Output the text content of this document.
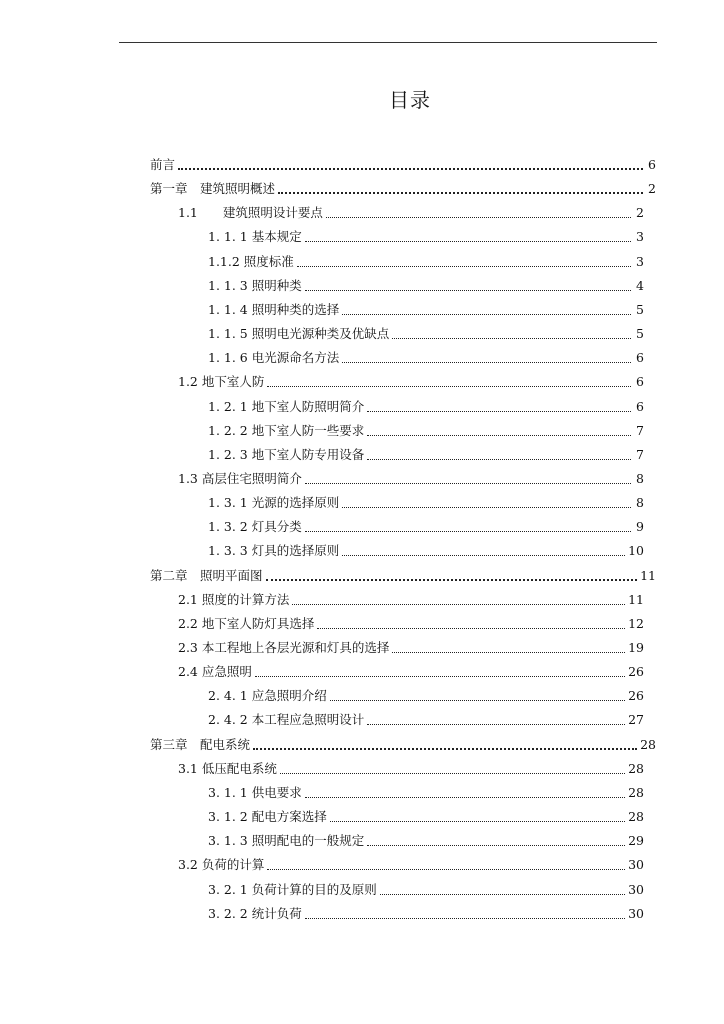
目录
前言	6
第一章　建筑照明概述	2
1.1　　建筑照明设计要点	2
1. 1. 1 基本规定	3
1.1.2 照度标准	3
1. 1. 3 照明种类	4
1. 1. 4 照明种类的选择	5
1. 1. 5 照明电光源种类及优缺点	5
1. 1. 6 电光源命名方法	6
1.2 地下室人防	6
1. 2. 1 地下室人防照明简介	6
1. 2. 2 地下室人防一些要求	7
1. 2. 3 地下室人防专用设备	7
1.3 高层住宅照明简介	8
1. 3. 1 光源的选择原则	8
1. 3. 2 灯具分类	9
1. 3. 3 灯具的选择原则	10
第二章　照明平面图	11
2.1 照度的计算方法	11
2.2 地下室人防灯具选择	12
2.3 本工程地上各层光源和灯具的选择	19
2.4 应急照明	26
2. 4. 1 应急照明介绍	26
2. 4. 2 本工程应急照明设计	27
第三章　配电系统	28
3.1 低压配电系统	28
3. 1. 1 供电要求	28
3. 1. 2 配电方案选择	28
3. 1. 3 照明配电的一般规定	29
3.2 负荷的计算	30
3. 2. 1 负荷计算的目的及原则	30
3. 2. 2 统计负荷	30
